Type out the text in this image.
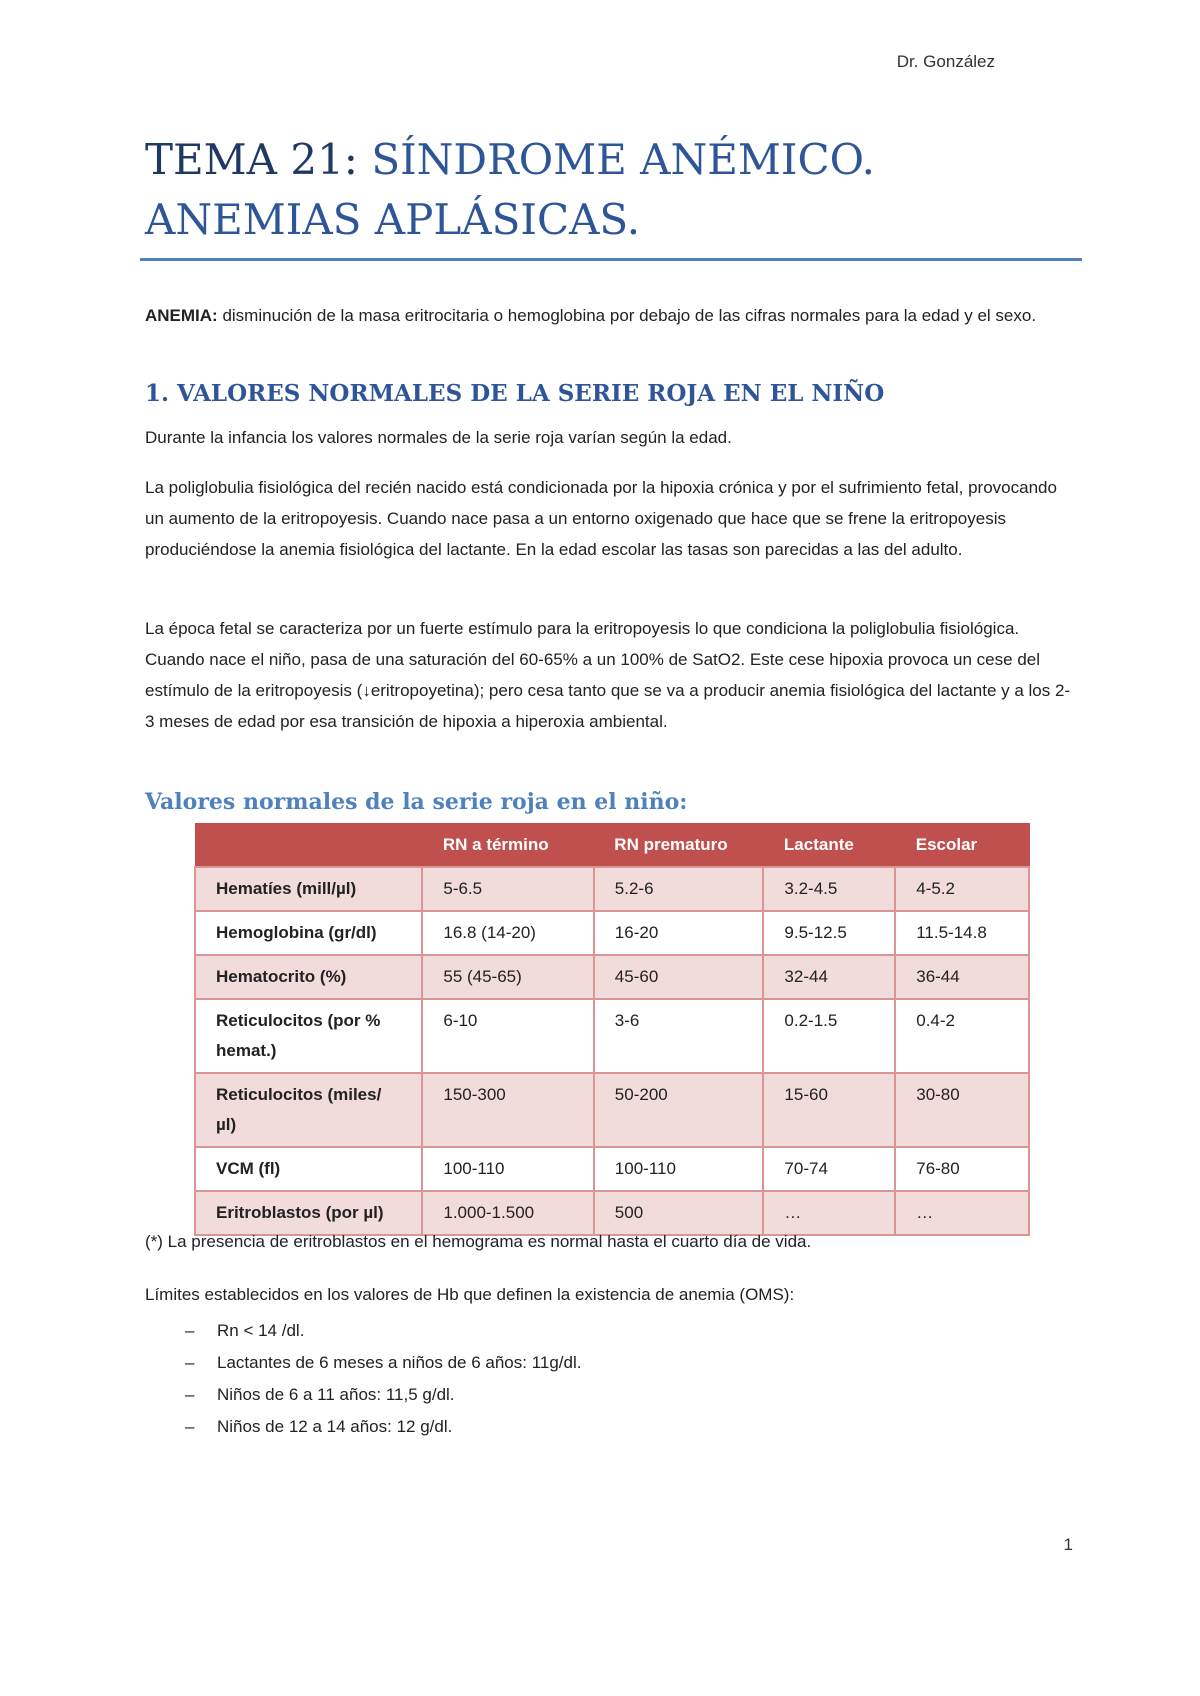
Dr. González
TEMA 21: SÍNDROME ANÉMICO. ANEMIAS APLÁSICAS.

ANEMIA: disminución de la masa eritrocitaria o hemoglobina por debajo de las cifras normales para la edad y el sexo.

1. VALORES NORMALES DE LA SERIE ROJA EN EL NIÑO

Durante la infancia los valores normales de la serie roja varían según la edad.

La poliglobulia fisiológica del recién nacido está condicionada por la hipoxia crónica y por el sufrimiento fetal, provocando un aumento de la eritropoyesis. Cuando nace pasa a un entorno oxigenado que hace que se frene la eritropoyesis produciéndose la anemia fisiológica del lactante. En la edad escolar las tasas son parecidas a las del adulto.

La época fetal se caracteriza por un fuerte estímulo para la eritropoyesis lo que condiciona la poliglobulia fisiológica. Cuando nace el niño, pasa de una saturación del 60-65% a un 100% de SatO2. Este cese hipoxia provoca un cese del estímulo de la eritropoyesis (↓eritropoyetina); pero cesa tanto que se va a producir anemia fisiológica del lactante y a los 2-3 meses de edad por esa transición de hipoxia a hiperoxia ambiental.

Valores normales de la serie roja en el niño:
	RN a término	RN prematuro	Lactante	Escolar
Hematíes (mill/µl)	5-6.5	5.2-6	3.2-4.5	4-5.2
Hemoglobina (gr/dl)	16.8 (14-20)	16-20	9.5-12.5	11.5-14.8
Hematocrito (%)	55 (45-65)	45-60	32-44	36-44
Reticulocitos (por % hemat.)	6-10	3-6	0.2-1.5	0.4-2
Reticulocitos (miles/µl)	150-300	50-200	15-60	30-80
VCM (fl)	100-110	100-110	70-74	76-80
Eritroblastos (por µl)	1.000-1.500	500	…	…
(*) La presencia de eritroblastos en el hemograma es normal hasta el cuarto día de vida.
Límites establecidos en los valores de Hb que definen la existencia de anemia (OMS):
– Rn < 14 /dl.
– Lactantes de 6 meses a niños de 6 años: 11g/dl.
– Niños de 6 a 11 años: 11,5 g/dl.
– Niños de 12 a 14 años: 12 g/dl.
1
